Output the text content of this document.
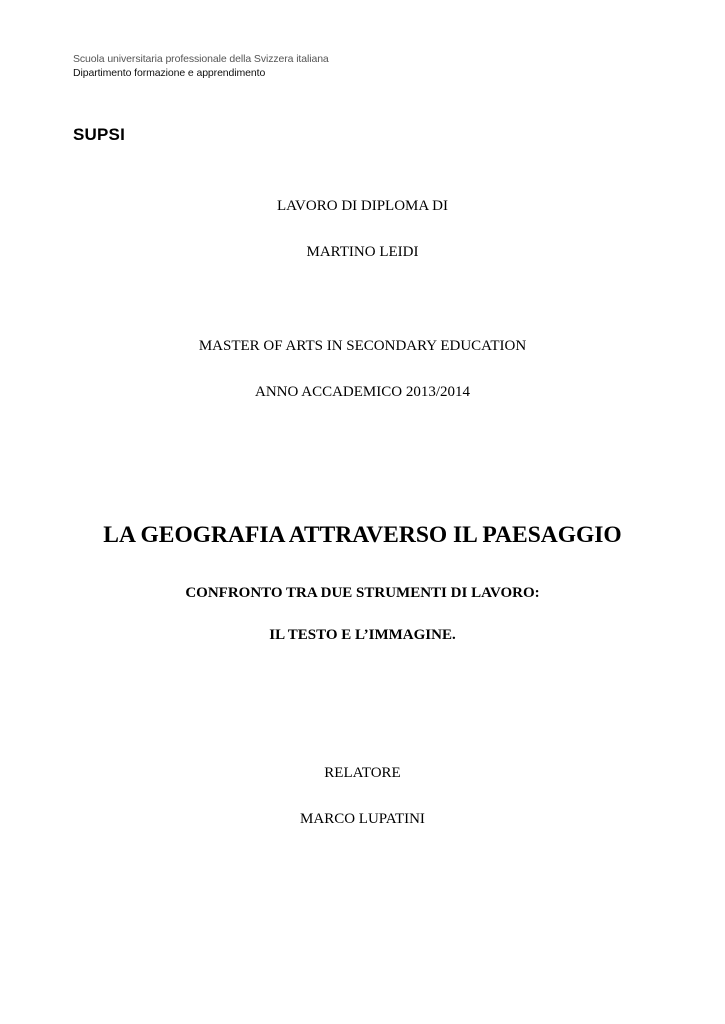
Scuola universitaria professionale della Svizzera italiana
Dipartimento formazione e apprendimento
SUPSI
LAVORO DI DIPLOMA DI
MARTINO LEIDI
MASTER OF ARTS IN SECONDARY EDUCATION
ANNO ACCADEMICO 2013/2014
LA GEOGRAFIA ATTRAVERSO IL PAESAGGIO
CONFRONTO TRA DUE STRUMENTI DI LAVORO:
IL TESTO E L’IMMAGINE.
RELATORE
MARCO LUPATINI
